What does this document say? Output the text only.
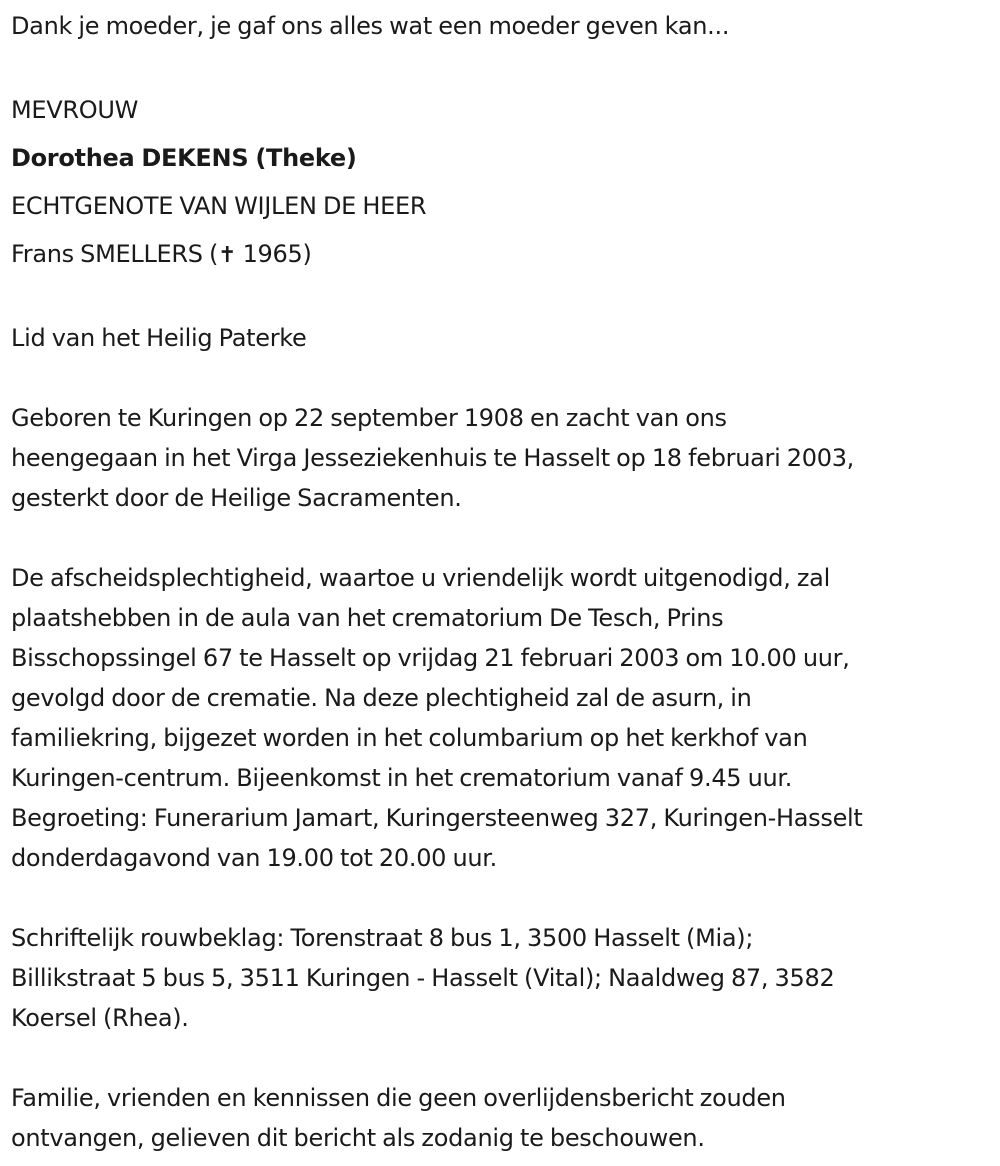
Dank je moeder, je gaf ons alles wat een moeder geven kan...
MEVROUW
Dorothea DEKENS (Theke)
ECHTGENOTE VAN WIJLEN DE HEER
Frans SMELLERS (✝ 1965)
Lid van het Heilig Paterke
Geboren te Kuringen op 22 september 1908 en zacht van ons
heengegaan in het Virga Jesseziekenhuis te Hasselt op 18 februari 2003,
gesterkt door de Heilige Sacramenten.
De afscheidsplechtigheid, waartoe u vriendelijk wordt uitgenodigd, zal
plaatshebben in de aula van het crematorium De Tesch, Prins
Bisschopssingel 67 te Hasselt op vrijdag 21 februari 2003 om 10.00 uur,
gevolgd door de crematie. Na deze plechtigheid zal de asurn, in
familiekring, bijgezet worden in het columbarium op het kerkhof van
Kuringen-centrum. Bijeenkomst in het crematorium vanaf 9.45 uur.
Begroeting: Funerarium Jamart, Kuringersteenweg 327, Kuringen-Hasselt
donderdagavond van 19.00 tot 20.00 uur.
Schriftelijk rouwbeklag: Torenstraat 8 bus 1, 3500 Hasselt (Mia);
Billikstraat 5 bus 5, 3511 Kuringen - Hasselt (Vital); Naaldweg 87, 3582
Koersel (Rhea).
Familie, vrienden en kennissen die geen overlijdensbericht zouden
ontvangen, gelieven dit bericht als zodanig te beschouwen.
